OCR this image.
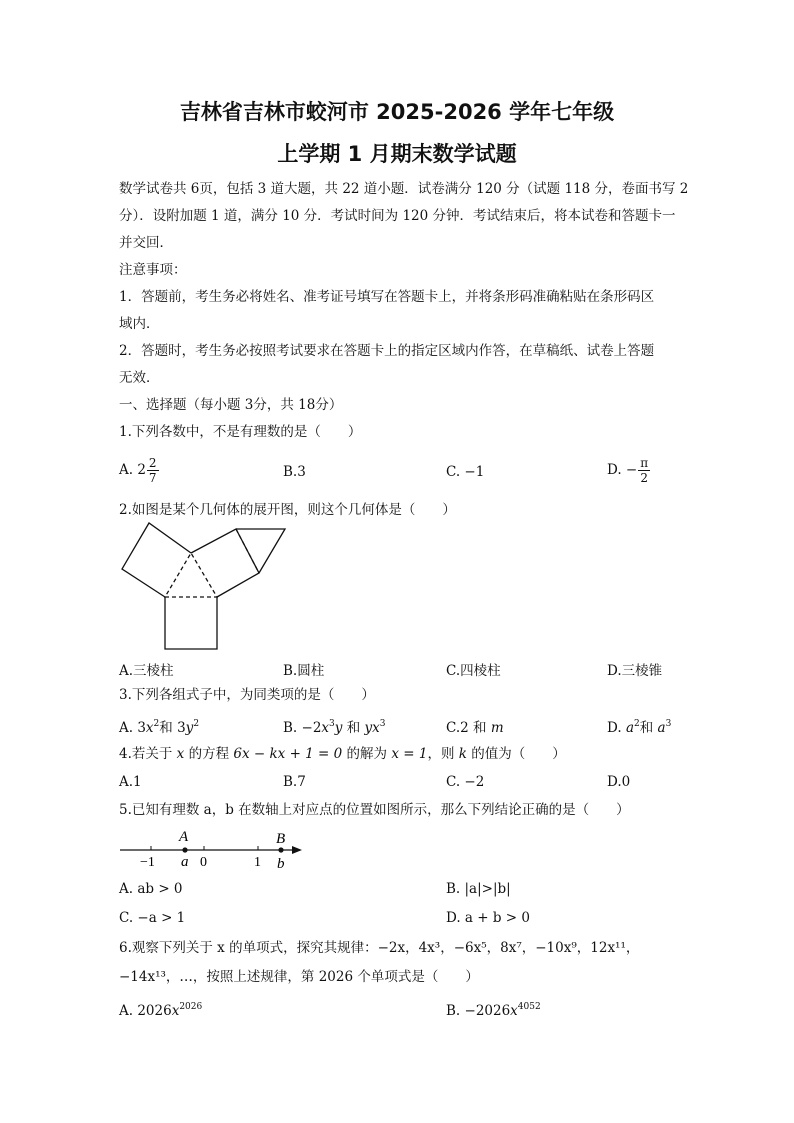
吉林省吉林市蛟河市 2025-2026 学年七年级
上学期 1 月期末数学试题
数学试卷共 6页，包括 3 道大题，共 22 道小题．试卷满分 120 分（试题 118 分，卷面书写 2
分）．设附加题 1 道，满分 10 分．考试时间为 120 分钟．考试结束后，将本试卷和答题卡一
并交回．
注意事项：
1．答题前，考生务必将姓名、准考证号填写在答题卡上，并将条形码准确粘贴在条形码区
域内．
2．答题时，考生务必按照考试要求在答题卡上的指定区域内作答，在草稿纸、试卷上答题
无效．
一、选择题（每小题 3分，共 18分）
1.下列各数中，不是有理数的是（　　）
A. $2 \frac{2}{7}$	B.3	C. −1	D. − $\frac{\pi}{2}$
2.如图是某个几何体的展开图，则这个几何体是（　　）
A.三棱柱	B.圆柱	C.四棱柱	D.三棱锥
3.下列各组式子中，为同类项的是（　　）
A. $3x^2$和 $3y^2$	B. $-2x^3y$ 和 $yx^3$	C.2 和 m	D. $a^2$和 $a^3$
4.若关于 x 的方程 6x − kx + 1 = 0 的解为 x = 1，则 k 的值为（　　）
A.1	B.7	C. −2	D.0
5.已知有理数 a，b 在数轴上对应点的位置如图所示，那么下列结论正确的是（　　）
A	B
−1 a 0	1 b
A. ab > 0	B. |a|>|b|
C. −a > 1	D. a + b > 0
6.观察下列关于 x 的单项式，探究其规律：−2x，4x³，−6x⁵，8x⁷，−10x⁹，12x¹¹，
−14x¹³，…，按照上述规律，第 2026 个单项式是（　　）
A. $2026x^{2026}$	B. $-2026x^{4052}$
